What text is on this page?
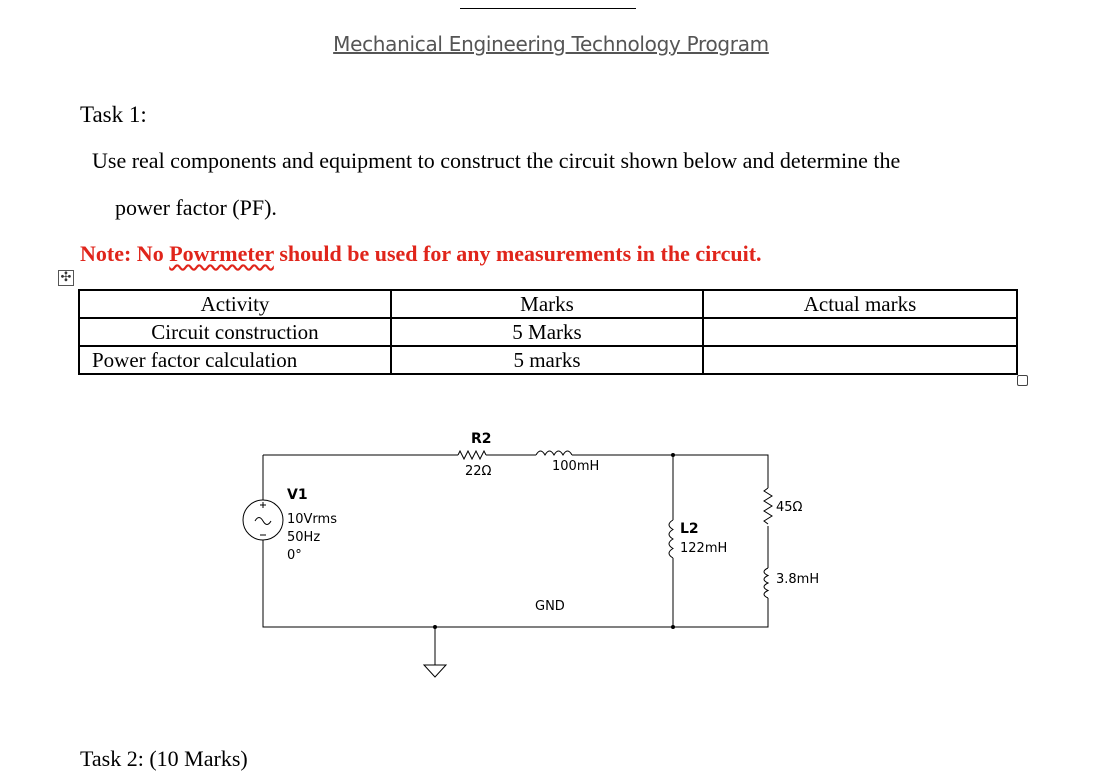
Mechanical Engineering Technology Program
Task 1:
Use real components and equipment to construct the circuit shown below and determine the
power factor (PF).
Note: No Powrmeter should be used for any measurements in the circuit.
✣
Activity	Marks	Actual marks
Circuit construction	5 Marks	
Power factor calculation	5 marks	
R2
22Ω	100mH
V1
10Vrms
50Hz
0°
L2
122mH
45Ω
3.8mH
GND
Task 2: (10 Marks)
